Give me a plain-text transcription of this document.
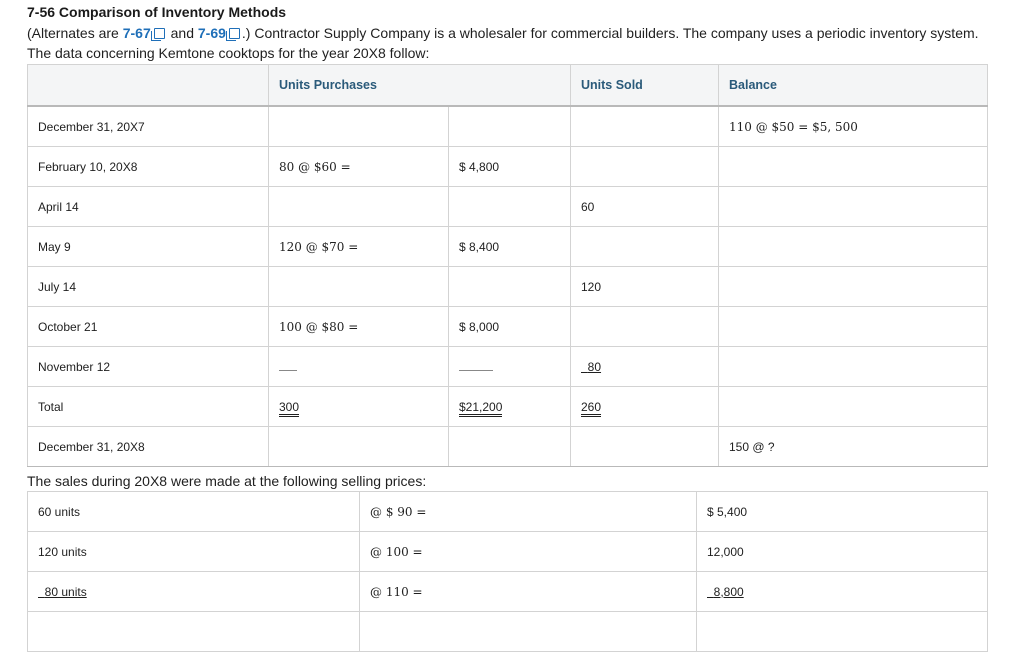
7-56 Comparison of Inventory Methods
(Alternates are 7-67 and 7-69 .) Contractor Supply Company is a wholesaler for commercial builders. The company uses a periodic inventory system. The data concerning Kemtone cooktops for the year 20X8 follow:
	Units Purchases		Units Sold	Balance
December 31, 20X7				110 @ $50 = $5, 500
February 10, 20X8	80 @ $60 =	$ 4,800		
April 14			60	
May 9	120 @ $70 =	$ 8,400		
July 14			120	
October 21	100 @ $80 =	$ 8,000		
November 12			80	
Total	300	$21,200	260	
December 31, 20X8				150 @ ?
The sales during 20X8 were made at the following selling prices:
60 units	@ $ 90 =	$ 5,400
120 units	@ 100 =	12,000
80 units	@ 110 =	8,800
